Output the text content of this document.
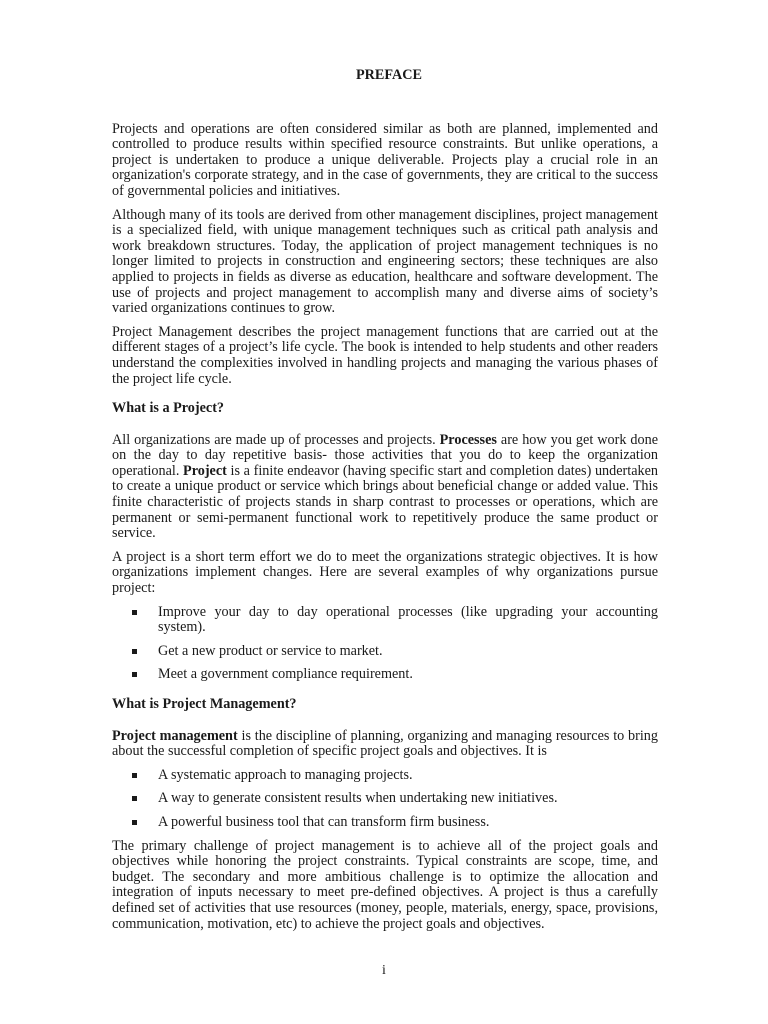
PREFACE

Projects and operations are often considered similar as both are planned, implemented and controlled to produce results within specified resource constraints. But unlike operations, a project is undertaken to produce a unique deliverable. Projects play a crucial role in an organization's corporate strategy, and in the case of governments, they are critical to the success of governmental policies and initiatives.

Although many of its tools are derived from other management disciplines, project management is a specialized field, with unique management techniques such as critical path analysis and work breakdown structures. Today, the application of project management techniques is no longer limited to projects in construction and engineering sectors; these techniques are also applied to projects in fields as diverse as education, healthcare and software development. The use of projects and project management to accomplish many and diverse aims of society’s varied organizations continues to grow.

Project Management describes the project management functions that are carried out at the different stages of a project’s life cycle. The book is intended to help students and other readers understand the complexities involved in handling projects and managing the various phases of the project life cycle.

What is a Project?

All organizations are made up of processes and projects. Processes are how you get work done on the day to day repetitive basis- those activities that you do to keep the organization operational. Project is a finite endeavor (having specific start and completion dates) undertaken to create a unique product or service which brings about beneficial change or added value. This finite characteristic of projects stands in sharp contrast to processes or operations, which are permanent or semi-permanent functional work to repetitively produce the same product or service.

A project is a short term effort we do to meet the organizations strategic objectives. It is how organizations implement changes. Here are several examples of why organizations pursue project:

Improve your day to day operational processes (like upgrading your accounting system).
Get a new product or service to market.
Meet a government compliance requirement.
What is Project Management?

Project management is the discipline of planning, organizing and managing resources to bring about the successful completion of specific project goals and objectives. It is

A systematic approach to managing projects.
A way to generate consistent results when undertaking new initiatives.
A powerful business tool that can transform firm business.

The primary challenge of project management is to achieve all of the project goals and objectives while honoring the project constraints. Typical constraints are scope, time, and budget. The secondary and more ambitious challenge is to optimize the allocation and integration of inputs necessary to meet pre-defined objectives. A project is thus a carefully defined set of activities that use resources (money, people, materials, energy, space, provisions, communication, motivation, etc) to achieve the project goals and objectives.

i
